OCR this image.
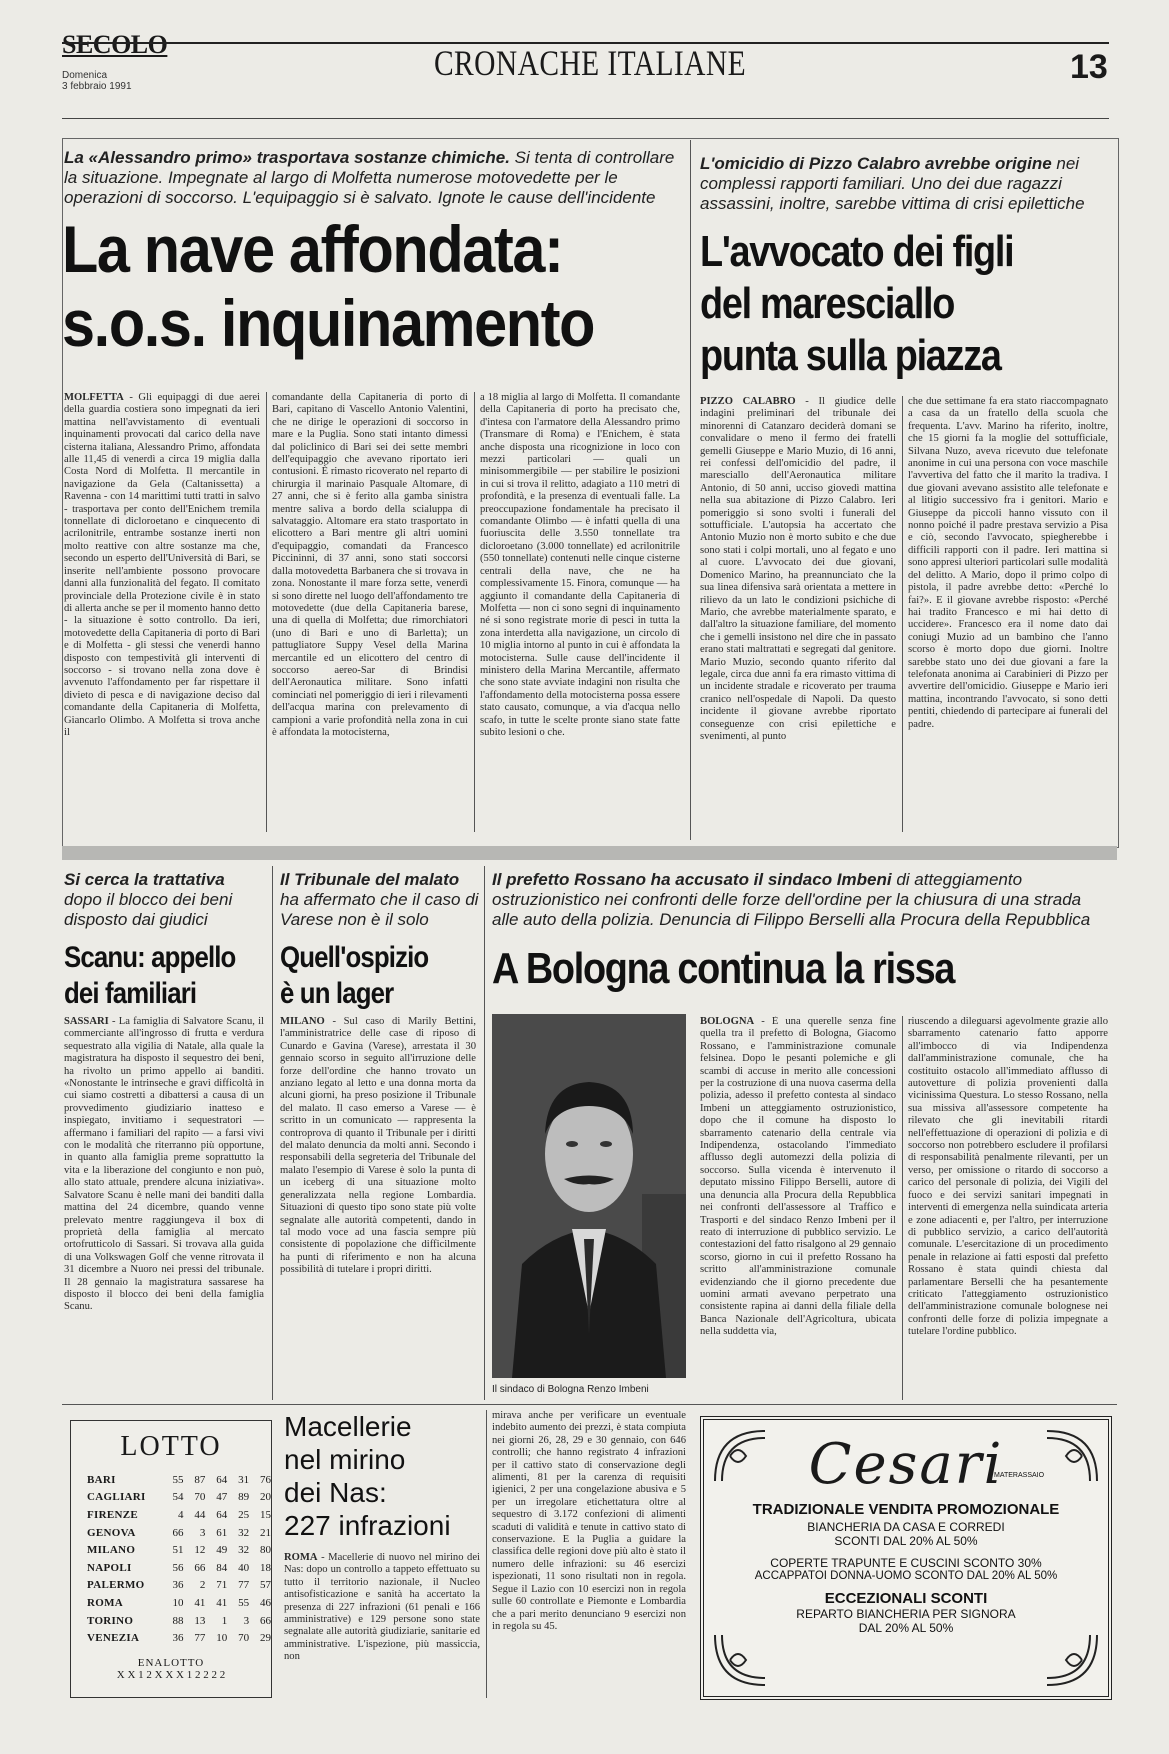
SECOLO
Domenica
3 febbraio 1991
CRONACHE ITALIANE	13
La «Alessandro primo» trasportava sostanze chimiche. Si tenta di controllare la situazione. Impegnate al largo di Molfetta numerose motovedette per le operazioni di soccorso. L'equipaggio si è salvato. Ignote le cause dell'incidente
La nave affondata:
s.o.s. inquinamento
MOLFETTA - Gli equipaggi di due aerei della guardia costiera sono impegnati da ieri mattina nell'avvistamento di eventuali inquinamenti provocati dal carico della nave cisterna italiana, Alessandro Primo, affondata alle 11,45 di venerdì a circa 19 miglia dalla Costa Nord di Molfetta. Il mercantile in navigazione da Gela (Caltanissetta) a Ravenna - con 14 marittimi tutti tratti in salvo - trasportava per conto dell'Enichem tremila tonnellate di dicloroetano e cinquecento di acrilonitrile, entrambe sostanze inerti non molto reattive con altre sostanze ma che, secondo un esperto dell'Università di Bari, se inserite nell'ambiente possono provocare danni alla funzionalità del fegato. Il comitato provinciale della Protezione civile è in stato di allerta anche se per il momento hanno detto - la situazione è sotto controllo. Da ieri, motovedette della Capitaneria di porto di Bari e di Molfetta - gli stessi che venerdì hanno disposto con tempestività gli interventi di soccorso - si trovano nella zona dove è avvenuto l'affondamento per far rispettare il divieto di pesca e di navigazione deciso dal comandante della Capitaneria di Molfetta, Giancarlo Olimbo. A Molfetta si trova anche il
comandante della Capitaneria di porto di Bari, capitano di Vascello Antonio Valentini, che ne dirige le operazioni di soccorso in mare e la Puglia. Sono stati intanto dimessi dal policlinico di Bari sei dei sette membri dell'equipaggio che avevano riportato ieri contusioni. È rimasto ricoverato nel reparto di chirurgia il marinaio Pasquale Altomare, di 27 anni, che si è ferito alla gamba sinistra mentre saliva a bordo della scialuppa di salvataggio. Altomare era stato trasportato in elicottero a Bari mentre gli altri uomini d'equipaggio, comandati da Francesco Piccininni, di 37 anni, sono stati soccorsi dalla motovedetta Barbanera che si trovava in zona. Nonostante il mare forza sette, venerdì si sono dirette nel luogo dell'affondamento tre motovedette (due della Capitaneria barese, una di quella di Molfetta; due rimorchiatori (uno di Bari e uno di Barletta); un pattugliatore Suppy Vesel della Marina mercantile ed un elicottero del centro di soccorso aereo-Sar di Brindisi dell'Aeronautica militare. Sono infatti cominciati nel pomeriggio di ieri i rilevamenti dell'acqua marina con prelevamento di campioni a varie profondità nella zona in cui è affondata la motocisterna,
a 18 miglia al largo di Molfetta. Il comandante della Capitaneria di porto ha precisato che, d'intesa con l'armatore della Alessandro primo (Transmare di Roma) e l'Enichem, è stata anche disposta una ricognizione in loco con mezzi particolari — quali un minisommergibile — per stabilire le posizioni in cui si trova il relitto, adagiato a 110 metri di profondità, e la presenza di eventuali falle. La preoccupazione fondamentale ha precisato il comandante Olimbo — è infatti quella di una fuoriuscita delle 3.550 tonnellate tra dicloroetano (3.000 tonnellate) ed acrilonitrile (550 tonnellate) contenuti nelle cinque cisterne centrali della nave, che ne ha complessivamente 15. Finora, comunque — ha aggiunto il comandante della Capitaneria di Molfetta — non ci sono segni di inquinamento né si sono registrate morie di pesci in tutta la zona interdetta alla navigazione, un circolo di 10 miglia intorno al punto in cui è affondata la motocisterna. Sulle cause dell'incidente il ministero della Marina Mercantile, affermato che sono state avviate indagini non risulta che l'affondamento della motocisterna possa essere stato causato, comunque, a via d'acqua nello scafo, in tutte le scelte pronte siano state fatte subito lesioni o che.
L'omicidio di Pizzo Calabro avrebbe origine nei complessi rapporti familiari. Uno dei due ragazzi assassini, inoltre, sarebbe vittima di crisi epilettiche
L'avvocato dei figli
del maresciallo
punta sulla piazza
PIZZO CALABRO - Il giudice delle indagini preliminari del tribunale dei minorenni di Catanzaro deciderà domani se convalidare o meno il fermo dei fratelli gemelli Giuseppe e Mario Muzio, di 16 anni, rei confessi dell'omicidio del padre, il maresciallo dell'Aeronautica militare Antonio, di 50 anni, ucciso giovedì mattina nella sua abitazione di Pizzo Calabro. Ieri pomeriggio si sono svolti i funerali del sottufficiale. L'autopsia ha accertato che Antonio Muzio non è morto subito e che due sono stati i colpi mortali, uno al fegato e uno al cuore. L'avvocato dei due giovani, Domenico Marino, ha preannunciato che la sua linea difensiva sarà orientata a mettere in rilievo da un lato le condizioni psichiche di Mario, che avrebbe materialmente sparato, e dall'altro la situazione familiare, del momento che i gemelli insistono nel dire che in passato erano stati maltrattati e segregati dal genitore. Mario Muzio, secondo quanto riferito dal legale, circa due anni fa era rimasto vittima di un incidente stradale e ricoverato per trauma cranico nell'ospedale di Napoli. Da questo incidente il giovane avrebbe riportato conseguenze con crisi epilettiche e svenimenti, al punto
che due settimane fa era stato riaccompagnato a casa da un fratello della scuola che frequenta. L'avv. Marino ha riferito, inoltre, che 15 giorni fa la moglie del sottufficiale, Silvana Nuzo, aveva ricevuto due telefonate anonime in cui una persona con voce maschile l'avvertiva del fatto che il marito la tradiva. I due giovani avevano assistito alle telefonate e al litigio successivo fra i genitori. Mario e Giuseppe da piccoli hanno vissuto con il nonno poiché il padre prestava servizio a Pisa e ciò, secondo l'avvocato, spiegherebbe i difficili rapporti con il padre. Ieri mattina si sono appresi ulteriori particolari sulle modalità del delitto. A Mario, dopo il primo colpo di pistola, il padre avrebbe detto: «Perché lo fai?». E il giovane avrebbe risposto: «Perché hai tradito Francesco e mi hai detto di uccidere». Francesco era il nome dato dai coniugi Muzio ad un bambino che l'anno scorso è morto dopo due giorni. Inoltre sarebbe stato uno dei due giovani a fare la telefonata anonima ai Carabinieri di Pizzo per avvertire dell'omicidio. Giuseppe e Mario ieri mattina, incontrando l'avvocato, si sono detti pentiti, chiedendo di partecipare ai funerali del padre.
Si cerca la trattativa
dopo il blocco dei beni disposto dai giudici
Scanu: appello
dei familiari
SASSARI - La famiglia di Salvatore Scanu, il commerciante all'ingrosso di frutta e verdura sequestrato alla vigilia di Natale, alla quale la magistratura ha disposto il sequestro dei beni, ha rivolto un primo appello ai banditi. «Nonostante le intrinseche e gravi difficoltà in cui siamo costretti a dibattersi a causa di un provvedimento giudiziario inatteso e inspiegato, invitiamo i sequestratori — affermano i familiari del rapito — a farsi vivi con le modalità che riterranno più opportune, in quanto alla famiglia preme soprattutto la vita e la liberazione del congiunto e non può, allo stato attuale, prendere alcuna iniziativa». Salvatore Scanu è nelle mani dei banditi dalla mattina del 24 dicembre, quando venne prelevato mentre raggiungeva il box di proprietà della famiglia al mercato ortofrutticolo di Sassari. Si trovava alla guida di una Volkswagen Golf che venne ritrovata il 31 dicembre a Nuoro nei pressi del tribunale. Il 28 gennaio la magistratura sassarese ha disposto il blocco dei beni della famiglia Scanu.
Il Tribunale del malato
ha affermato che il caso di Varese non è il solo
Quell'ospizio
è un lager
MILANO - Sul caso di Marily Bettini, l'amministratrice delle case di riposo di Cunardo e Gavina (Varese), arrestata il 30 gennaio scorso in seguito all'irruzione delle forze dell'ordine che hanno trovato un anziano legato al letto e una donna morta da alcuni giorni, ha preso posizione il Tribunale del malato. Il caso emerso a Varese — è scritto in un comunicato — rappresenta la controprova di quanto il Tribunale per i diritti del malato denuncia da molti anni. Secondo i responsabili della segreteria del Tribunale del malato l'esempio di Varese è solo la punta di un iceberg di una situazione molto generalizzata nella regione Lombardia. Situazioni di questo tipo sono state più volte segnalate alle autorità competenti, dando in tal modo voce ad una fascia sempre più consistente di popolazione che difficilmente ha punti di riferimento e non ha alcuna possibilità di tutelare i propri diritti.
Il prefetto Rossano ha accusato il sindaco Imbeni di atteggiamento ostruzionistico nei confronti delle forze dell'ordine per la chiusura di una strada alle auto della polizia. Denuncia di Filippo Berselli alla Procura della Repubblica
A Bologna continua la rissa
Il sindaco di Bologna Renzo Imbeni
BOLOGNA - È una querelle senza fine quella tra il prefetto di Bologna, Giacomo Rossano, e l'amministrazione comunale felsinea. Dopo le pesanti polemiche e gli scambi di accuse in merito alle concessioni per la costruzione di una nuova caserma della polizia, adesso il prefetto contesta al sindaco Imbeni un atteggiamento ostruzionistico, dopo che il comune ha disposto lo sbarramento catenario della centrale via Indipendenza, ostacolando l'immediato afflusso degli automezzi della polizia di soccorso. Sulla vicenda è intervenuto il deputato missino Filippo Berselli, autore di una denuncia alla Procura della Repubblica nei confronti dell'assessore al Traffico e Trasporti e del sindaco Renzo Imbeni per il reato di interruzione di pubblico servizio. Le contestazioni del fatto risalgono al 29 gennaio scorso, giorno in cui il prefetto Rossano ha scritto all'amministrazione comunale evidenziando che il giorno precedente due uomini armati avevano perpetrato una consistente rapina ai danni della filiale della Banca Nazionale dell'Agricoltura, ubicata nella suddetta via,
riuscendo a dileguarsi agevolmente grazie allo sbarramento catenario fatto apporre all'imbocco di via Indipendenza dall'amministrazione comunale, che ha costituito ostacolo all'immediato afflusso di autovetture di polizia provenienti dalla vicinissima Questura. Lo stesso Rossano, nella sua missiva all'assessore competente ha rilevato che gli inevitabili ritardi nell'effettuazione di operazioni di polizia e di soccorso non potrebbero escludere il profilarsi di responsabilità penalmente rilevanti, per un verso, per omissione o ritardo di soccorso a carico del personale di polizia, dei Vigili del fuoco e dei servizi sanitari impegnati in interventi di emergenza nella suindicata arteria e zone adiacenti e, per l'altro, per interruzione di pubblico servizio, a carico dell'autorità comunale. L'esercitazione di un procedimento penale in relazione ai fatti esposti dal prefetto Rossano è stata quindi chiesta dal parlamentare Berselli che ha pesantemente criticato l'atteggiamento ostruzionistico dell'amministrazione comunale bolognese nei confronti delle forze di polizia impegnate a tutelare l'ordine pubblico.
LOTTO
BARI	55 87 64 31 76
CAGLIARI	54 70 47 89 20
FIRENZE	4 44 64 25 15
GENOVA	66	3 61 32 21
MILANO	51 12 49 32 80
NAPOLI	56 66 84 40 18
PALERMO	36	2 71 77 57
ROMA	10 41 41 55 46
TORINO	88 13	1	3 66
VENEZIA	36 77 10 70 29
ENALOTTO
X X 1 2 X X X 1 2 2 2 2
Macellerie
nel mirino
dei Nas:
227 infrazioni
ROMA - Macellerie di nuovo nel mirino dei Nas: dopo un controllo a tappeto effettuato su tutto il territorio nazionale, il Nucleo antisofisticazione e sanità ha accertato la presenza di 227 infrazioni (61 penali e 166 amministrative) e 129 persone sono state segnalate alle autorità giudiziarie, sanitarie ed amministrative. L'ispezione, più massiccia, non
mirava anche per verificare un eventuale indebito aumento dei prezzi, è stata compiuta nei giorni 26, 28, 29 e 30 gennaio, con 646 controlli; che hanno registrato 4 infrazioni per il cattivo stato di conservazione degli alimenti, 81 per la carenza di requisiti igienici, 2 per una congelazione abusiva e 5 per un irregolare etichettatura oltre al sequestro di 3.172 confezioni di alimenti scaduti di validità e tenute in cattivo stato di conservazione. E la Puglia a guidare la classifica delle regioni dove più alto è stato il numero delle infrazioni: su 46 esercizi ispezionati, 11 sono risultati non in regola. Segue il Lazio con 10 esercizi non in regola sulle 60 controllate e Piemonte e Lombardia che a pari merito denunciano 9 esercizi non in regola su 45.
Cesari
MATERASSAIO
TRADIZIONALE VENDITA PROMOZIONALE
BIANCHERIA DA CASA E CORREDI
SCONTI DAL 20% AL 50%
COPERTE TRAPUNTE E CUSCINI SCONTO 30%
ACCAPPATOI DONNA-UOMO SCONTO DAL 20% AL 50%
ECCEZIONALI SCONTI
REPARTO BIANCHERIA PER SIGNORA
DAL 20% AL 50%
